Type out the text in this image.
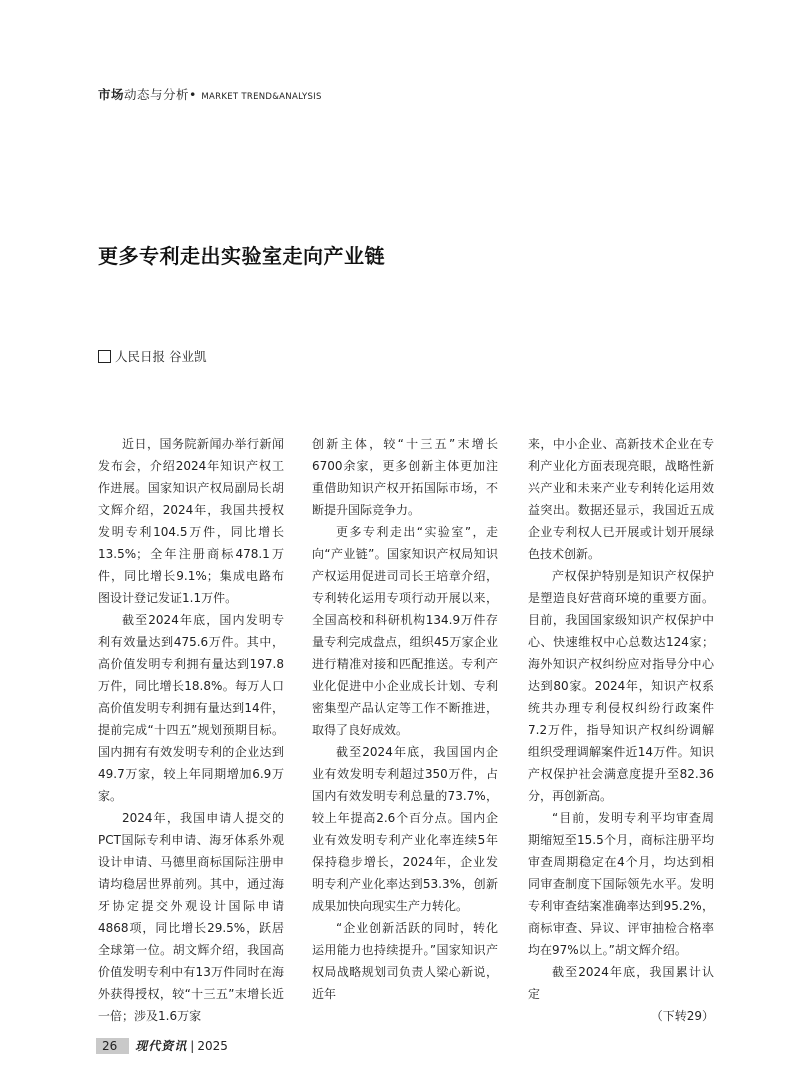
市场动态与分析• MARKET TREND&ANALYSIS
更多专利走出实验室走向产业链
人民日报 谷业凯

近日，国务院新闻办举行新闻发布会，介绍2024年知识产权工作进展。国家知识产权局副局长胡文辉介绍，2024年，我国共授权发明专利104.5万件，同比增长13.5%；全年注册商标478.1万件，同比增长9.1%；集成电路布图设计登记发证1.1万件。

截至2024年底，国内发明专利有效量达到475.6万件。其中，高价值发明专利拥有量达到197.8万件，同比增长18.8%。每万人口高价值发明专利拥有量达到14件，提前完成“十四五”规划预期目标。国内拥有有效发明专利的企业达到49.7万家，较上年同期增加6.9万家。

2024年，我国申请人提交的PCT国际专利申请、海牙体系外观设计申请、马德里商标国际注册申请均稳居世界前列。其中，通过海牙协定提交外观设计国际申请4868项，同比增长29.5%，跃居全球第一位。胡文辉介绍，我国高价值发明专利中有13万件同时在海外获得授权，较“十三五”末增长近一倍；涉及1.6万家

创新主体，较“十三五”末增长6700余家，更多创新主体更加注重借助知识产权开拓国际市场，不断提升国际竞争力。

更多专利走出“实验室”，走向“产业链”。国家知识产权局知识产权运用促进司司长王培章介绍，专利转化运用专项行动开展以来，全国高校和科研机构134.9万件存量专利完成盘点，组织45万家企业进行精准对接和匹配推送。专利产业化促进中小企业成长计划、专利密集型产品认定等工作不断推进，取得了良好成效。

截至2024年底，我国国内企业有效发明专利超过350万件，占国内有效发明专利总量的73.7%，较上年提高2.6个百分点。国内企业有效发明专利产业化率连续5年保持稳步增长，2024年，企业发明专利产业化率达到53.3%，创新成果加快向现实生产力转化。

“企业创新活跃的同时，转化运用能力也持续提升。”国家知识产权局战略规划司负责人梁心新说，近年

来，中小企业、高新技术企业在专利产业化方面表现亮眼，战略性新兴产业和未来产业专利转化运用效益突出。数据还显示，我国近五成企业专利权人已开展或计划开展绿色技术创新。

产权保护特别是知识产权保护是塑造良好营商环境的重要方面。目前，我国国家级知识产权保护中心、快速维权中心总数达124家；海外知识产权纠纷应对指导分中心达到80家。2024年，知识产权系统共办理专利侵权纠纷行政案件7.2万件，指导知识产权纠纷调解组织受理调解案件近14万件。知识产权保护社会满意度提升至82.36分，再创新高。

“目前，发明专利平均审查周期缩短至15.5个月，商标注册平均审查周期稳定在4个月，均达到相同审查制度下国际领先水平。发明专利审查结案准确率达到95.2%，商标审查、异议、评审抽检合格率均在97%以上。”胡文辉介绍。

截至2024年底，我国累计认定

（下转29）

26	现代资讯 | 2025
